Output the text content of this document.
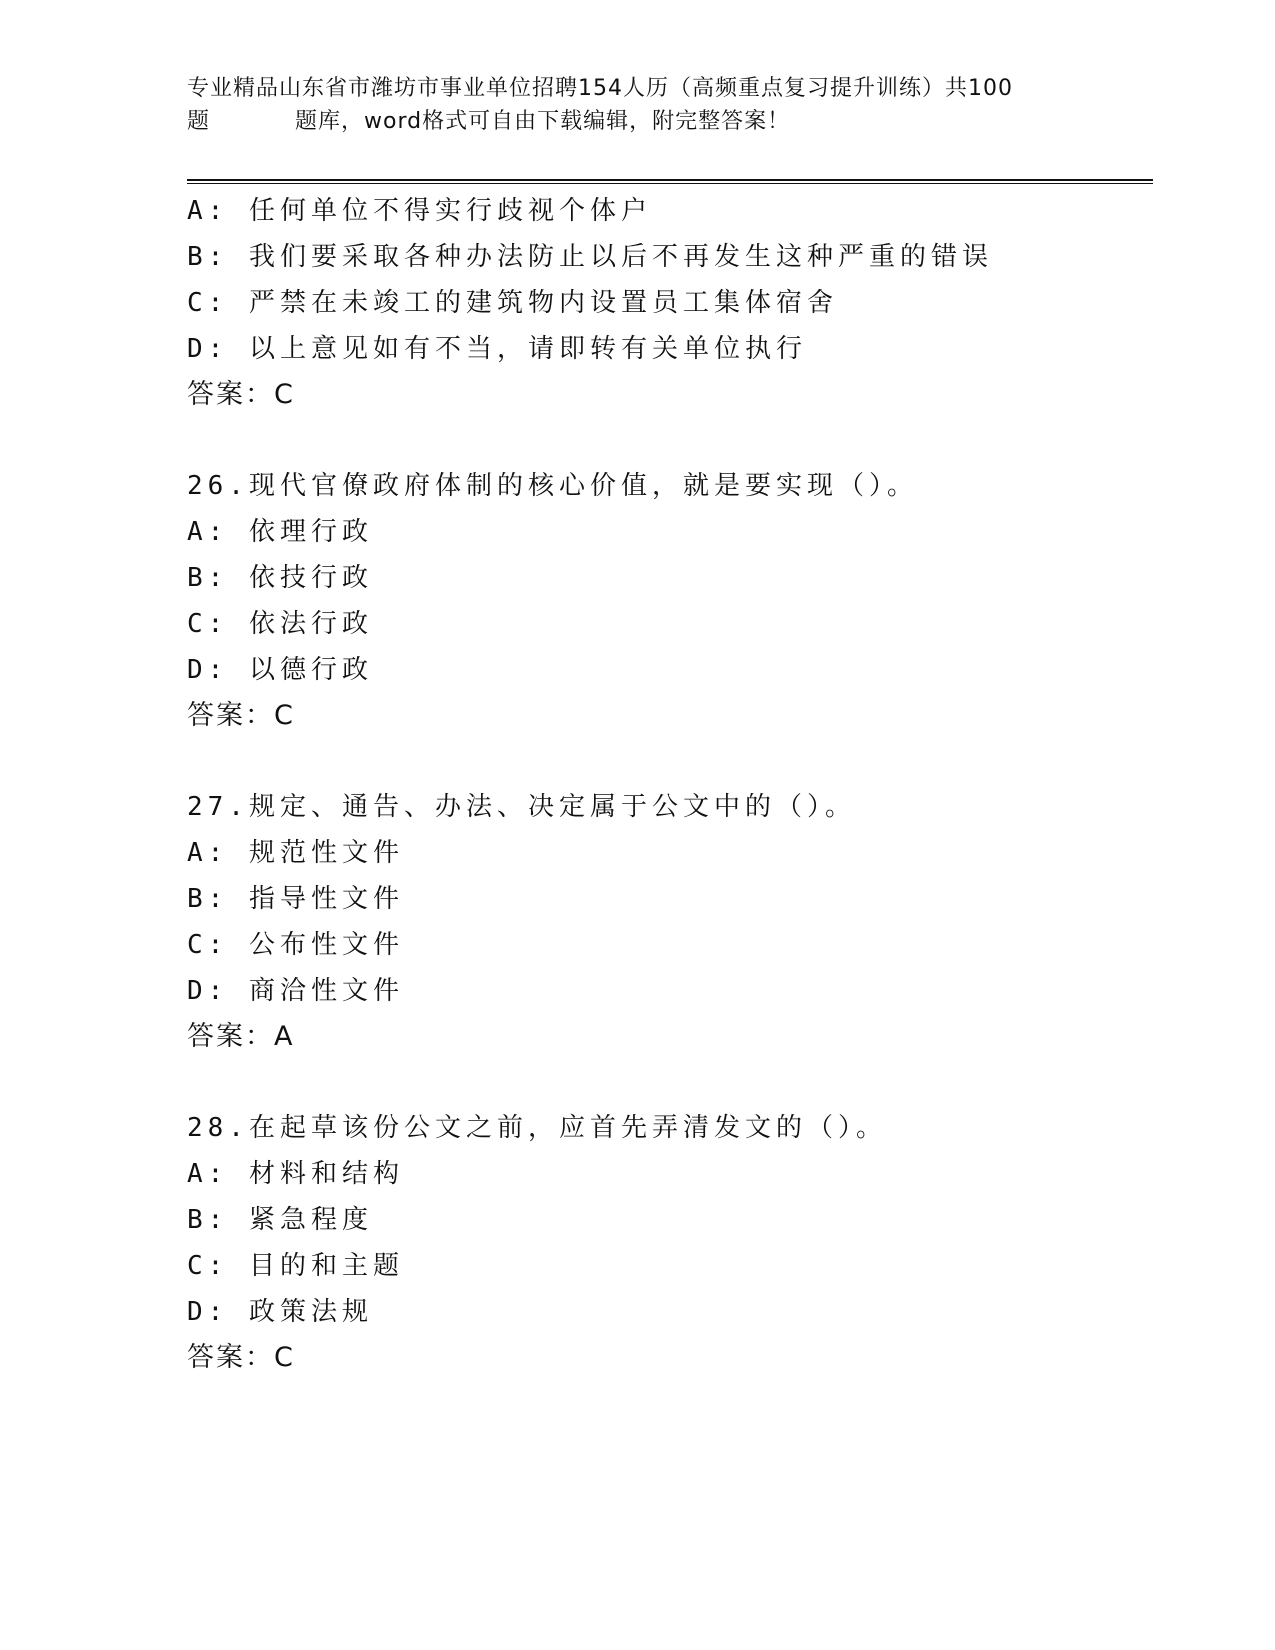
专业精品山东省市潍坊市事业单位招聘154人历（高频重点复习提升训练）共100
题	题库，word格式可自由下载编辑，附完整答案！
A: 任何单位不得实行歧视个体户
B: 我们要采取各种办法防止以后不再发生这种严重的错误
C: 严禁在未竣工的建筑物内设置员工集体宿舍
D: 以上意见如有不当，请即转有关单位执行
答案：C
26.现代官僚政府体制的核心价值，就是要实现（）。
A: 依理行政
B: 依技行政
C: 依法行政
D: 以德行政
答案：C
27.规定、通告、办法、决定属于公文中的（）。
A: 规范性文件
B: 指导性文件
C: 公布性文件
D: 商洽性文件
答案：A
28.在起草该份公文之前，应首先弄清发文的（）。
A: 材料和结构
B: 紧急程度
C: 目的和主题
D: 政策法规
答案：C
